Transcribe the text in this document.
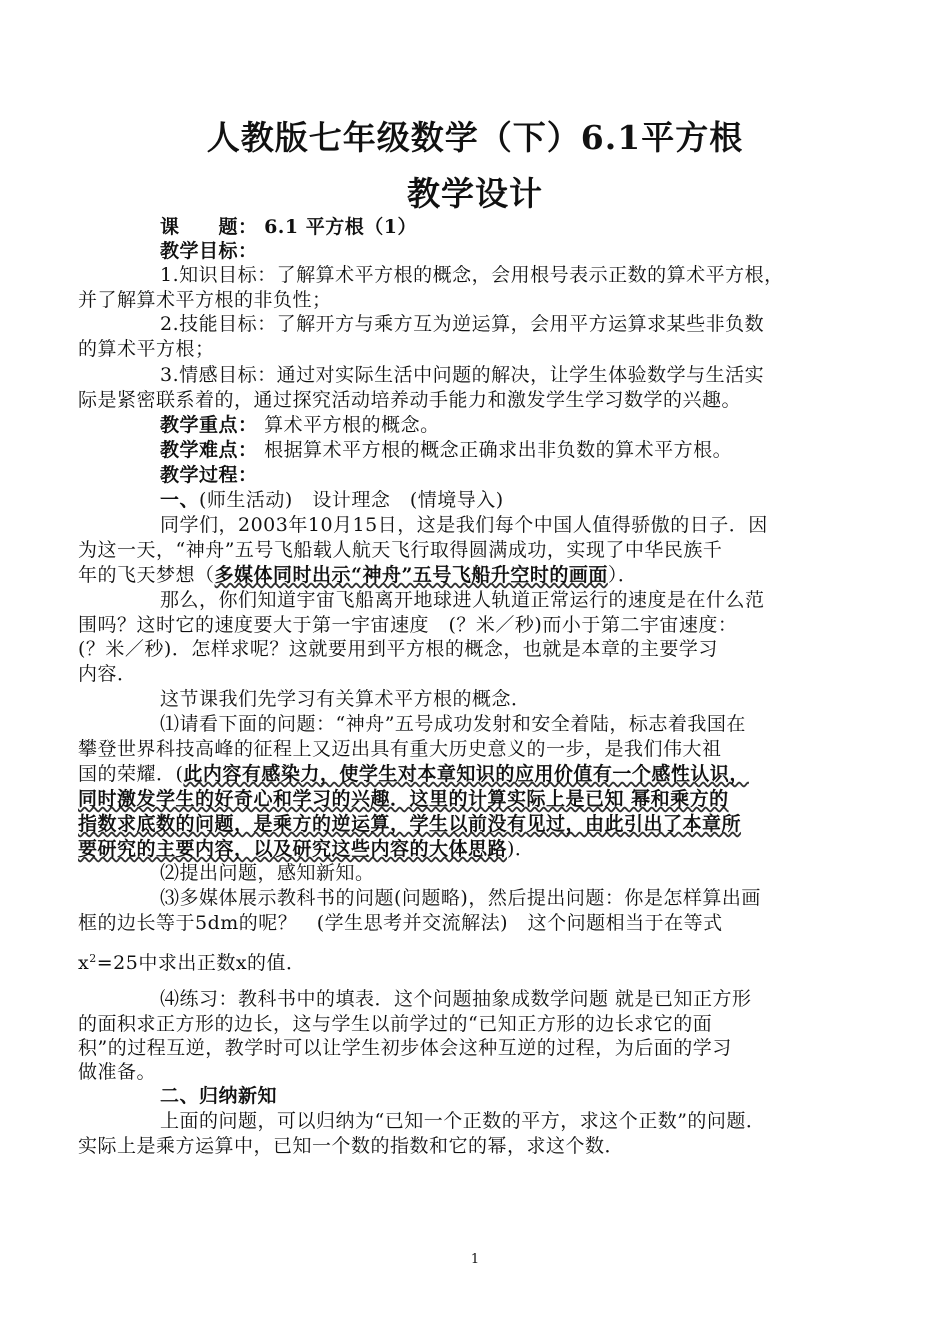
人教版七年级数学（下）6.1平方根
教学设计
课　　题： 6.1 平方根（1）
教学目标：
1.知识目标：了解算术平方根的概念，会用根号表示正数的算术平方根，
并了解算术平方根的非负性；
2.技能目标：了解开方与乘方互为逆运算，会用平方运算求某些非负数
的算术平方根；
3.情感目标：通过对实际生活中问题的解决，让学生体验数学与生活实
际是紧密联系着的，通过探究活动培养动手能力和激发学生学习数学的兴趣。
教学重点： 算术平方根的概念。
教学难点： 根据算术平方根的概念正确求出非负数的算术平方根。
教学过程：
一、(师生活动)　设计理念　(情境导入)
同学们，2003年10月15日，这是我们每个中国人值得骄傲的日子．因
为这一天，“神舟”五号飞船载人航天飞行取得圆满成功，实现了中华民族千
年的飞天梦想（多媒体同时出示“神舟”五号飞船升空时的画面）．
那么，你们知道宇宙飞船离开地球进人轨道正常运行的速度是在什么范
围吗？这时它的速度要大于第一宇宙速度　(？米／秒)而小于第二宇宙速度：
(？米／秒)．怎样求呢？这就要用到平方根的概念，也就是本章的主要学习
内容．
这节课我们先学习有关算术平方根的概念．
⑴请看下面的问题：“神舟”五号成功发射和安全着陆，标志着我国在
攀登世界科技高峰的征程上又迈出具有重大历史意义的一步，是我们伟大祖
国的荣耀．(此内容有感染力，使学生对本章知识的应用价值有一个感性认识，
同时激发学生的好奇心和学习的兴趣．这里的计算实际上是已知 幂和乘方的
指数求底数的问题，是乘方的逆运算，学生以前没有见过，由此引出了本章所
要研究的主要内容，以及研究这些内容的大体思路)．
⑵提出问题，感知新知。
⑶多媒体展示教科书的问题(问题略)，然后提出问题：你是怎样算出画
框的边长等于5dm的呢？　(学生思考并交流解法)　这个问题相当于在等式
$x^2=25$中求出正数x的值．
⑷练习：教科书中的填表．这个问题抽象成数学问题 就是已知正方形
的面积求正方形的边长，这与学生以前学过的“已知正方形的边长求它的面
积”的过程互逆，教学时可以让学生初步体会这种互逆的过程，为后面的学习
做准备。
二、归纳新知
上面的问题，可以归纳为“已知一个正数的平方，求这个正数”的问题．
实际上是乘方运算中，已知一个数的指数和它的幂，求这个数．
1
